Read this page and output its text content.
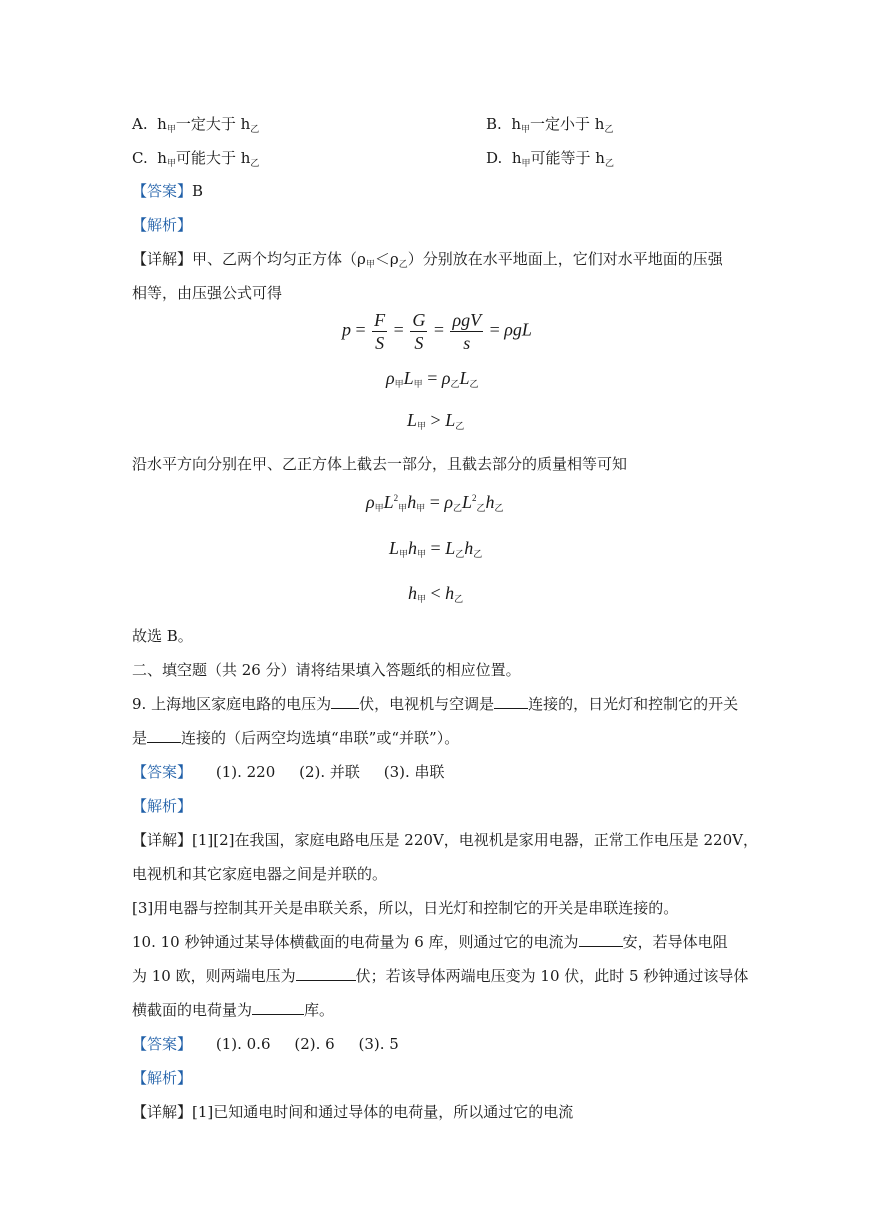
A. $h_甲$一定大于 $h_乙$	B. $h_甲$一定小于 $h_乙$
C. $h_甲$可能大于 $h_乙$	D. $h_甲$可能等于 $h_乙$
【答案】B
【解析】
【详解】甲、乙两个均匀正方体$(\rho_甲<\rho_乙)$分别放在水平地面上，它们对水平地面的压强
相等，由压强公式可得
$p = \frac{F}{S} = \frac{G}{S} = \frac{\text{ρgV}}{s} = \rho gL$
$\rho_甲L_甲 = \rho_乙L_乙$
$L_甲 > L_乙$
沿水平方向分别在甲、乙正方体上截去一部分，且截去部分的质量相等可知
$\rho_甲L^2_甲h_甲 = \rho_乙L^2_乙h_乙$
$L_甲h_甲 = L_乙h_乙$
$h_甲 < h_乙$
故选 B。
二、填空题（共 26 分）请将结果填入答题纸的相应位置。
9. 上海地区家庭电路的电压为 伏，电视机与空调是 连接的，日光灯和控制它的开关
是 连接的（后两空均选填“串联”或“并联”）。
【答案】 (1). 220     (2). 并联     (3). 串联
【解析】
【详解】[1][2]在我国，家庭电路电压是 220V，电视机是家用电器，正常工作电压是 220V，
电视机和其它家庭电器之间是并联的。
[3]用电器与控制其开关是串联关系，所以，日光灯和控制它的开关是串联连接的。
10. 10 秒钟通过某导体横截面的电荷量为 6 库，则通过它的电流为	安，若导体电阻
为 10 欧，则两端电压为	伏；若该导体两端电压变为 10 伏，此时 5 秒钟通过该导体
横截面的电荷量为	库。
【答案】 (1). 0.6     (2). 6     (3). 5
【解析】
【详解】[1]已知通电时间和通过导体的电荷量，所以通过它的电流
